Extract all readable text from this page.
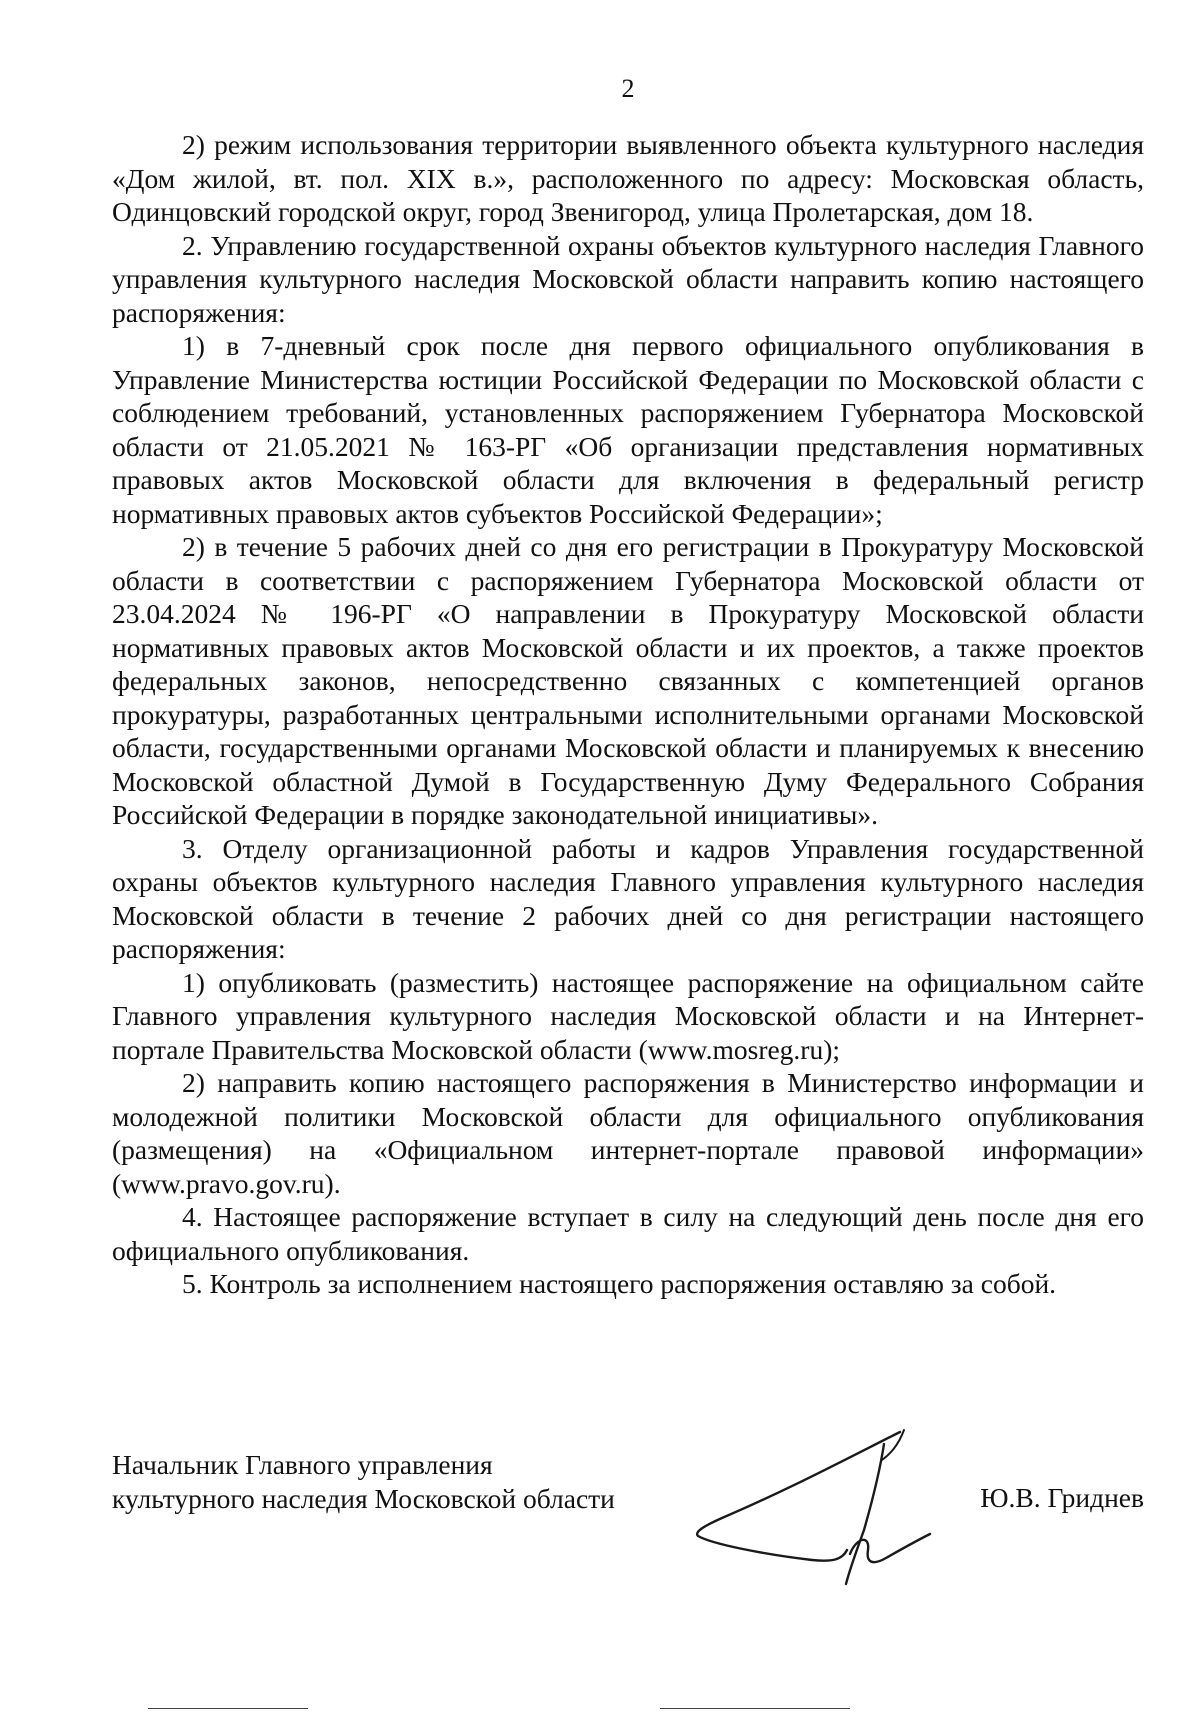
2

2) режим использования территории выявленного объекта культурного наследия «Дом жилой, вт. пол. XIX в.», расположенного по адресу: Московская область, Одинцовский городской округ, город Звенигород, улица Пролетарская, дом 18.

2. Управлению государственной охраны объектов культурного наследия Главного управления культурного наследия Московской области направить копию настоящего распоряжения:

1) в 7-дневный срок после дня первого официального опубликования в Управление Министерства юстиции Российской Федерации по Московской области с соблюдением требований, установленных распоряжением Губернатора Московской области от 21.05.2021 № 163-РГ «Об организации представления нормативных правовых актов Московской области для включения в федеральный регистр нормативных правовых актов субъектов Российской Федерации»;

2) в течение 5 рабочих дней со дня его регистрации в Прокуратуру Московской области в соответствии с распоряжением Губернатора Московской области от 23.04.2024 № 196-РГ «О направлении в Прокуратуру Московской области нормативных правовых актов Московской области и их проектов, а также проектов федеральных законов, непосредственно связанных с компетенцией органов прокуратуры, разработанных центральными исполнительными органами Московской области, государственными органами Московской области и планируемых к внесению Московской областной Думой в Государственную Думу Федерального Собрания Российской Федерации в порядке законодательной инициативы».

3. Отделу организационной работы и кадров Управления государственной охраны объектов культурного наследия Главного управления культурного наследия Московской области в течение 2 рабочих дней со дня регистрации настоящего распоряжения:

1) опубликовать (разместить) настоящее распоряжение на официальном сайте Главного управления культурного наследия Московской области и на Интернет-портале Правительства Московской области (www.mosreg.ru);

2) направить копию настоящего распоряжения в Министерство информации и молодежной политики Московской области для официального опубликования (размещения) на «Официальном интернет-портале правовой информации» (www.pravo.gov.ru).

4. Настоящее распоряжение вступает в силу на следующий день после дня его официального опубликования.

5. Контроль за исполнением настоящего распоряжения оставляю за собой.

Начальник Главного управления
культурного наследия Московской области	Ю.В. Гриднев
